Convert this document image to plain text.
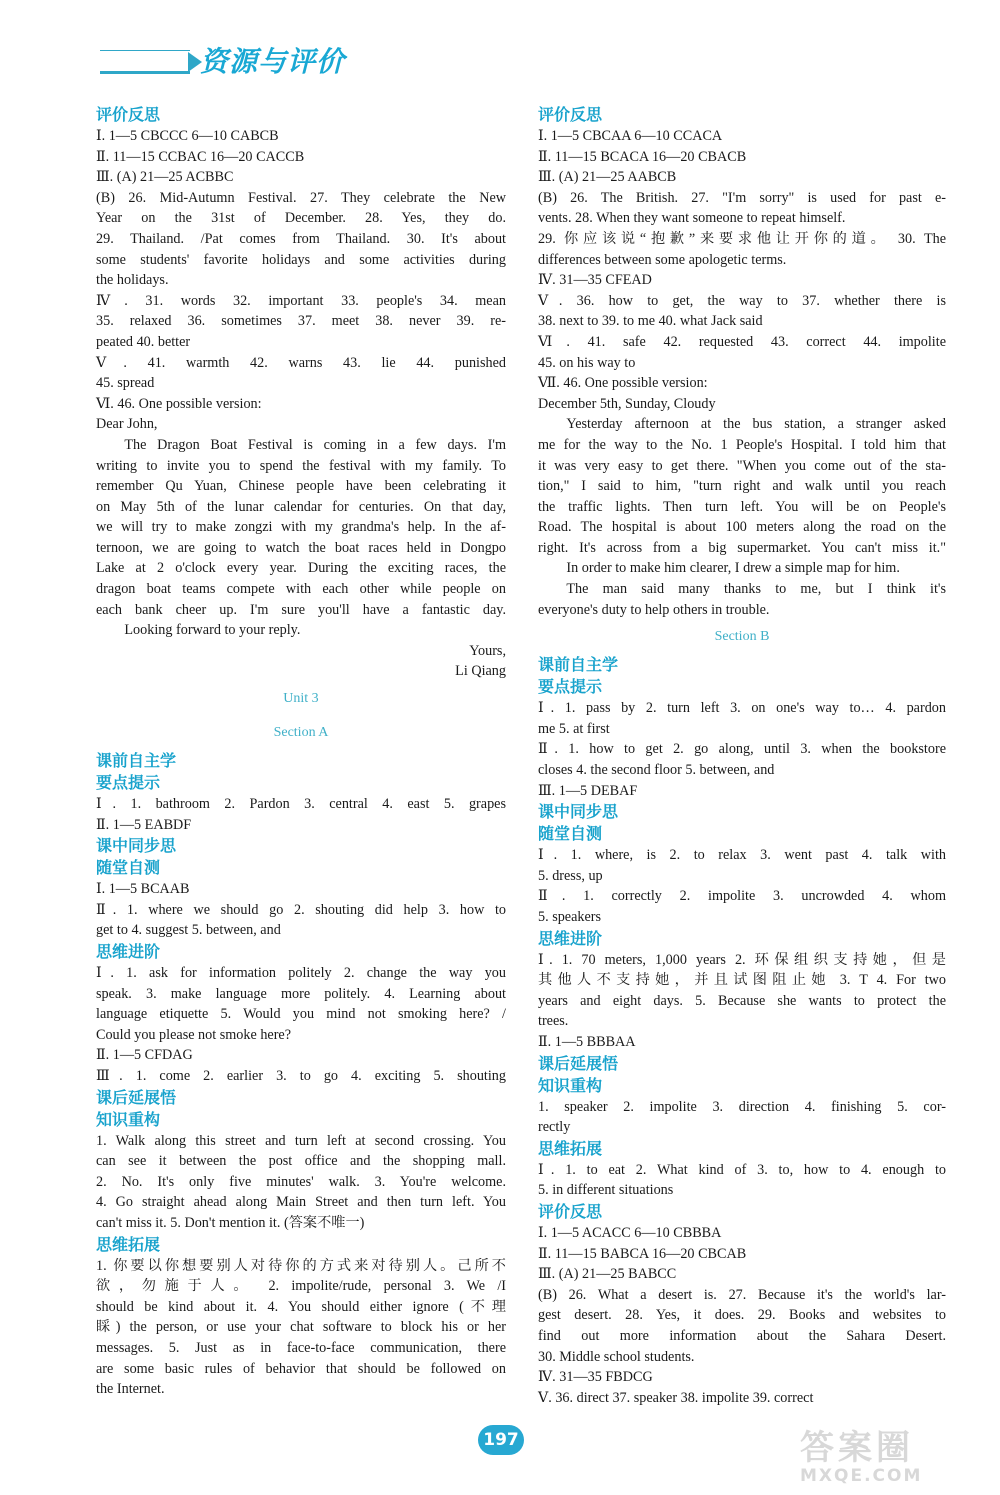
资源与评价
评价反思
Ⅰ. 1—5 CBCCC 6—10 CABCB
Ⅱ. 11—15 CCBAC 16—20 CACCB
Ⅲ. (A) 21—25 ACBBC
(B) 26. Mid-Autumn Festival. 27. They celebrate the New
Year on the 31st of December. 28. Yes, they do.
29. Thailand. /Pat comes from Thailand. 30. It's about
some students' favorite holidays and some activities during
the holidays.
Ⅳ. 31. words 32. important 33. people's 34. mean
35. relaxed 36. sometimes 37. meet 38. never 39. re-
peated 40. better
Ⅴ. 41. warmth 42. warns 43. lie 44. punished
45. spread
Ⅵ. 46. One possible version:
Dear John,
The Dragon Boat Festival is coming in a few days. I'm
writing to invite you to spend the festival with my family. To
remember Qu Yuan, Chinese people have been celebrating it
on May 5th of the lunar calendar for centuries. On that day,
we will try to make zongzi with my grandma's help. In the af-
ternoon, we are going to watch the boat races held in Dongpo
Lake at 2 o'clock every year. During the exciting races, the
dragon boat teams compete with each other while people on
each bank cheer up. I'm sure you'll have a fantastic day.
Looking forward to your reply.
Yours,
Li Qiang
Unit 3
Section A
课前自主学
要点提示
Ⅰ. 1. bathroom 2. Pardon 3. central 4. east 5. grapes
Ⅱ. 1—5 EABDF
课中同步思
随堂自测
Ⅰ. 1—5 BCAAB
Ⅱ. 1. where we should go 2. shouting did help 3. how to
get to 4. suggest 5. between, and
思维进阶
Ⅰ. 1. ask for information politely 2. change the way you
speak. 3. make language more politely. 4. Learning about
language etiquette 5. Would you mind not smoking here? /
Could you please not smoke here?
Ⅱ. 1—5 CFDAG
Ⅲ. 1. come 2. earlier 3. to go 4. exciting 5. shouting
课后延展悟
知识重构
1. Walk along this street and turn left at second crossing. You
can see it between the post office and the shopping mall.
2. No. It's only five minutes' walk. 3. You're welcome.
4. Go straight ahead along Main Street and then turn left. You
can't miss it. 5. Don't mention it. (答案不唯一)
思维拓展
1. 你要以你想要别人对待你的方式来对待别人。己所不
欲，勿施于人。 2. impolite/rude, personal 3. We /I
should be kind about it. 4. You should either ignore (不理
睬) the person, or use your chat software to block his or her
messages. 5. Just as in face-to-face communication, there
are some basic rules of behavior that should be followed on
the Internet.
评价反思
Ⅰ. 1—5 CBCAA 6—10 CCACA
Ⅱ. 11—15 BCACA 16—20 CBACB
Ⅲ. (A) 21—25 AABCB
(B) 26. The British. 27. "I'm sorry" is used for past e-
vents. 28. When they want someone to repeat himself.
29. 你应该说“抱歉”来要求他让开你的道。 30. The
differences between some apologetic terms.
Ⅳ. 31—35 CFEAD
Ⅴ. 36. how to get, the way to 37. whether there is
38. next to 39. to me 40. what Jack said
Ⅵ. 41. safe 42. requested 43. correct 44. impolite
45. on his way to
Ⅶ. 46. One possible version:
December 5th, Sunday, Cloudy
Yesterday afternoon at the bus station, a stranger asked
me for the way to the No. 1 People's Hospital. I told him that
it was very easy to get there. "When you come out of the sta-
tion," I said to him, "turn right and walk until you reach
the traffic lights. Then turn left. You will be on People's
Road. The hospital is about 100 meters along the road on the
right. It's across from a big supermarket. You can't miss it."
In order to make him clearer, I drew a simple map for him.
The man said many thanks to me, but I think it's
everyone's duty to help others in trouble.
Section B
课前自主学
要点提示
Ⅰ. 1. pass by 2. turn left 3. on one's way to… 4. pardon
me 5. at first
Ⅱ. 1. how to get 2. go along, until 3. when the bookstore
closes 4. the second floor 5. between, and
Ⅲ. 1—5 DEBAF
课中同步思
随堂自测
Ⅰ. 1. where, is 2. to relax 3. went past 4. talk with
5. dress, up
Ⅱ. 1. correctly 2. impolite 3. uncrowded 4. whom
5. speakers
思维进阶
Ⅰ. 1. 70 meters, 1,000 years 2. 环保组织支持她，但是
其他人不支持她，并且试图阻止她 3. T 4. For two
years and eight days. 5. Because she wants to protect the
trees.
Ⅱ. 1—5 BBBAA
课后延展悟
知识重构
1. speaker 2. impolite 3. direction 4. finishing 5. cor-
rectly
思维拓展
Ⅰ. 1. to eat 2. What kind of 3. to, how to 4. enough to
5. in different situations
评价反思
Ⅰ. 1—5 ACACC 6—10 CBBBA
Ⅱ. 11—15 BABCA 16—20 CBCAB
Ⅲ. (A) 21—25 BABCC
(B) 26. What a desert is. 27. Because it's the world's lar-
gest desert. 28. Yes, it does. 29. Books and websites to
find out more information about the Sahara Desert.
30. Middle school students.
Ⅳ. 31—35 FBDCG
Ⅴ. 36. direct 37. speaker 38. impolite 39. correct
197	答案圈
MXQE.COM
